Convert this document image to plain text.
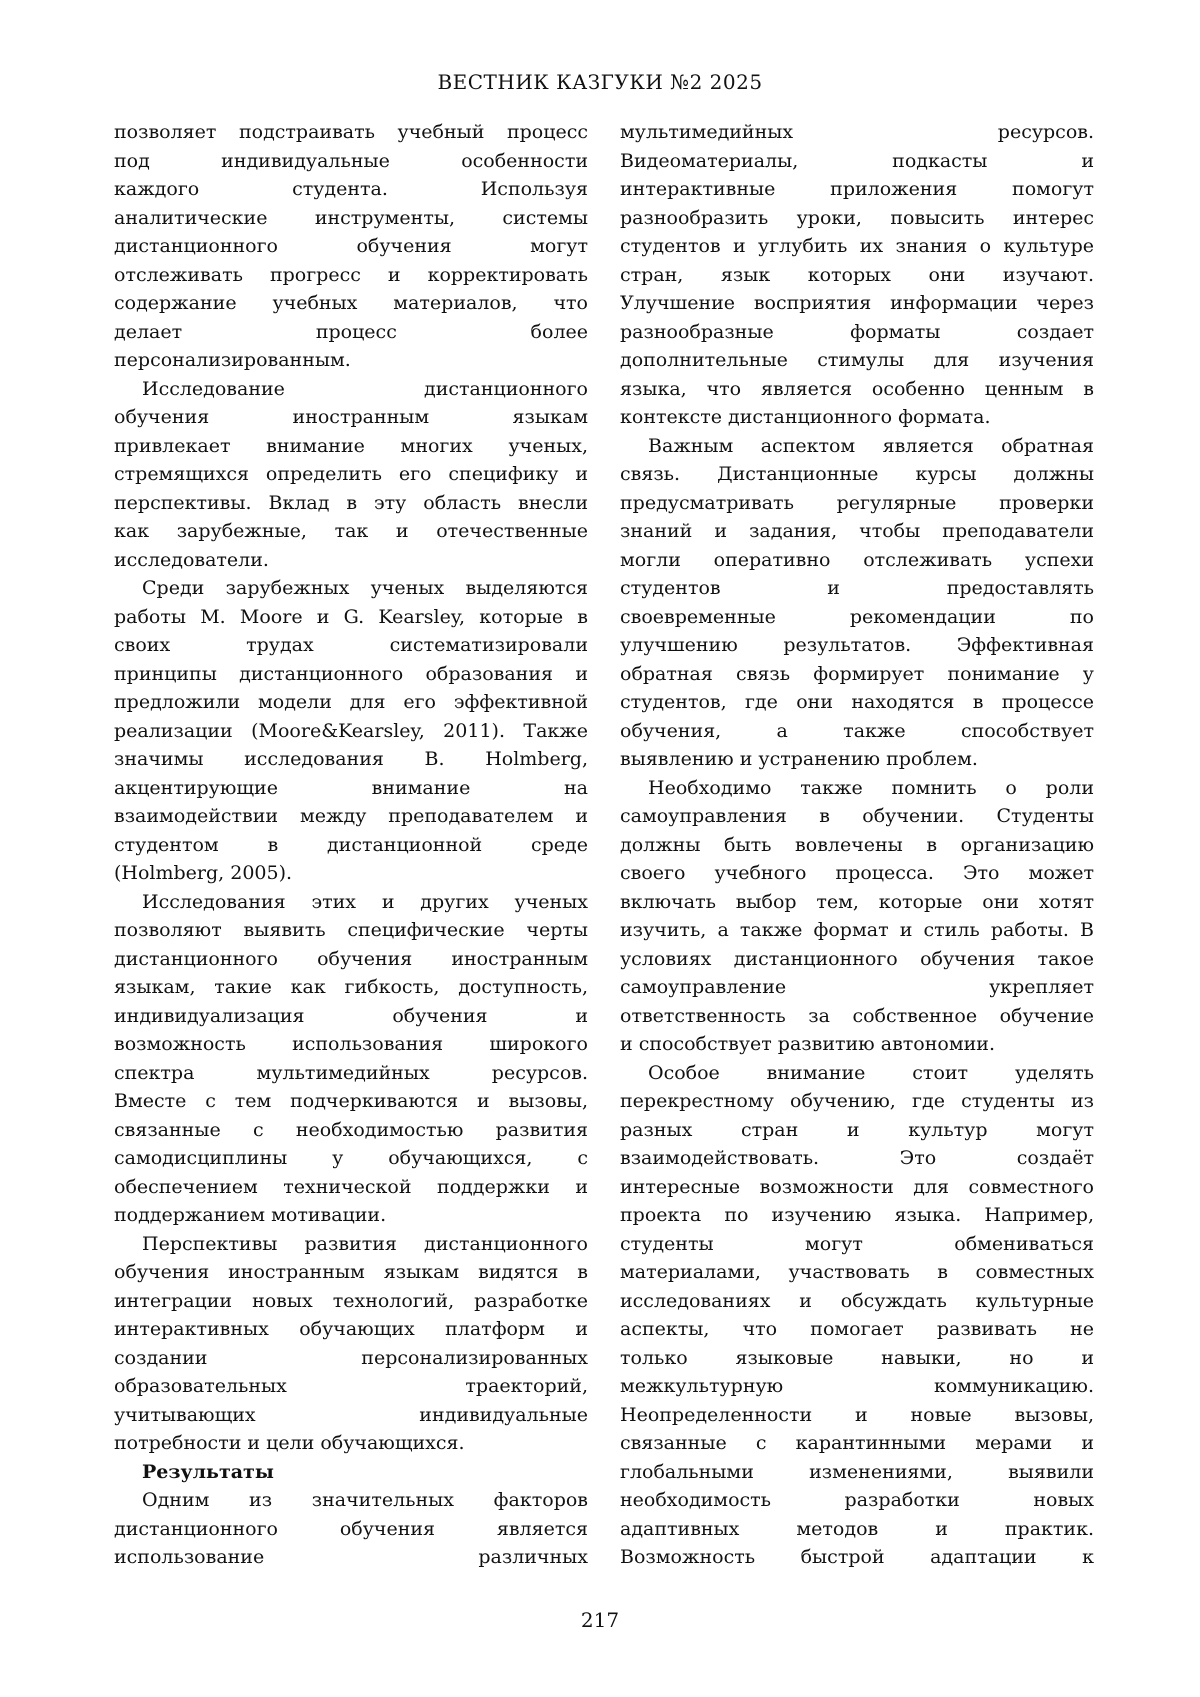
ВЕСТНИК КАЗГУКИ №2 2025
позволяет подстраивать учебный процесс
под индивидуальные особенности
каждого студента. Используя
аналитические инструменты, системы
дистанционного обучения могут
отслеживать прогресс и корректировать
содержание учебных материалов, что
делает процесс более
персонализированным.
Исследование дистанционного
обучения иностранным языкам
привлекает внимание многих ученых,
стремящихся определить его специфику и
перспективы. Вклад в эту область внесли
как зарубежные, так и отечественные
исследователи.
Среди зарубежных ученых выделяются
работы M. Moore и G. Kearsley, которые в
своих трудах систематизировали
принципы дистанционного образования и
предложили модели для его эффективной
реализации (Moore&Kearsley, 2011). Также
значимы исследования B. Holmberg,
акцентирующие внимание на
взаимодействии между преподавателем и
студентом в дистанционной среде
(Holmberg, 2005).
Исследования этих и других ученых
позволяют выявить специфические черты
дистанционного обучения иностранным
языкам, такие как гибкость, доступность,
индивидуализация обучения и
возможность использования широкого
спектра мультимедийных ресурсов.
Вместе с тем подчеркиваются и вызовы,
связанные с необходимостью развития
самодисциплины у обучающихся, с
обеспечением технической поддержки и
поддержанием мотивации.
Перспективы развития дистанционного
обучения иностранным языкам видятся в
интеграции новых технологий, разработке
интерактивных обучающих платформ и
создании персонализированных
образовательных траекторий,
учитывающих индивидуальные
потребности и цели обучающихся.
Результаты
Одним из значительных факторов
дистанционного обучения является
использование различных
мультимедийных ресурсов.
Видеоматериалы, подкасты и
интерактивные приложения помогут
разнообразить уроки, повысить интерес
студентов и углубить их знания о культуре
стран, язык которых они изучают.
Улучшение восприятия информации через
разнообразные форматы создает
дополнительные стимулы для изучения
языка, что является особенно ценным в
контексте дистанционного формата.
Важным аспектом является обратная
связь. Дистанционные курсы должны
предусматривать регулярные проверки
знаний и задания, чтобы преподаватели
могли оперативно отслеживать успехи
студентов и предоставлять
своевременные рекомендации по
улучшению результатов. Эффективная
обратная связь формирует понимание у
студентов, где они находятся в процессе
обучения, а также способствует
выявлению и устранению проблем.
Необходимо также помнить о роли
самоуправления в обучении. Студенты
должны быть вовлечены в организацию
своего учебного процесса. Это может
включать выбор тем, которые они хотят
изучить, а также формат и стиль работы. В
условиях дистанционного обучения такое
самоуправление укрепляет
ответственность за собственное обучение
и способствует развитию автономии.
Особое внимание стоит уделять
перекрестному обучению, где студенты из
разных стран и культур могут
взаимодействовать. Это создаёт
интересные возможности для совместного
проекта по изучению языка. Например,
студенты могут обмениваться
материалами, участвовать в совместных
исследованиях и обсуждать культурные
аспекты, что помогает развивать не
только языковые навыки, но и
межкультурную коммуникацию.
Неопределенности и новые вызовы,
связанные с карантинными мерами и
глобальными изменениями, выявили
необходимость разработки новых
адаптивных методов и практик.
Возможность быстрой адаптации к
217
